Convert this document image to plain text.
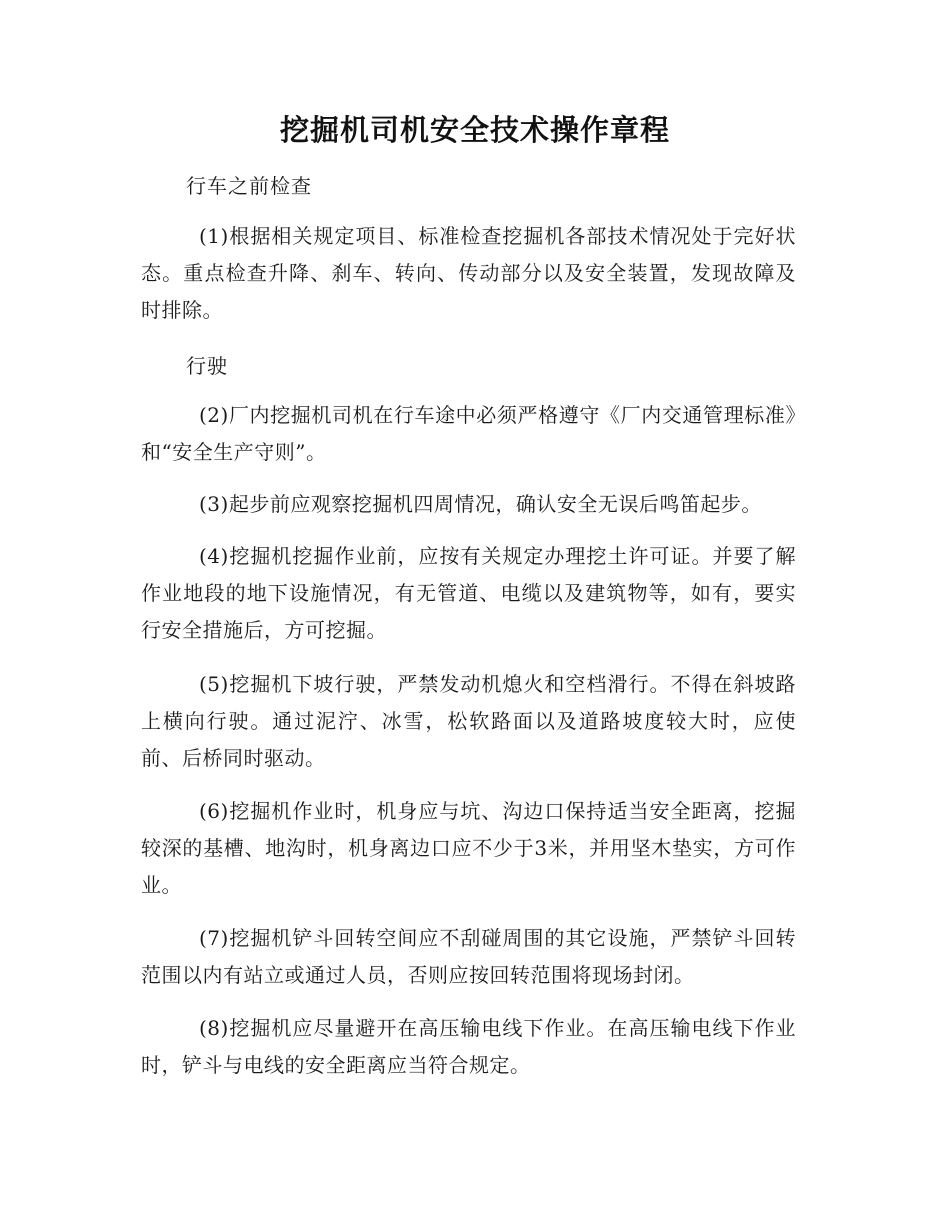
挖掘机司机安全技术操作章程
行车之前检查

(1)根据相关规定项目、标准检查挖掘机各部技术情况处于完好状态。重点检查升降、刹车、转向、传动部分以及安全装置，发现故障及时排除。

行驶

(2)厂内挖掘机司机在行车途中必须严格遵守《厂内交通管理标准》和“安全生产守则”。

(3)起步前应观察挖掘机四周情况，确认安全无误后鸣笛起步。

(4)挖掘机挖掘作业前，应按有关规定办理挖土许可证。并要了解作业地段的地下设施情况，有无管道、电缆以及建筑物等，如有，要实行安全措施后，方可挖掘。

(5)挖掘机下坡行驶，严禁发动机熄火和空档滑行。不得在斜坡路上横向行驶。通过泥泞、冰雪，松软路面以及道路坡度较大时，应使前、后桥同时驱动。

(6)挖掘机作业时，机身应与坑、沟边口保持适当安全距离，挖掘较深的基槽、地沟时，机身离边口应不少于3米，并用坚木垫实，方可作业。

(7)挖掘机铲斗回转空间应不刮碰周围的其它设施，严禁铲斗回转范围以内有站立或通过人员，否则应按回转范围将现场封闭。

(8)挖掘机应尽量避开在高压输电线下作业。在高压输电线下作业时，铲斗与电线的安全距离应当符合规定。
